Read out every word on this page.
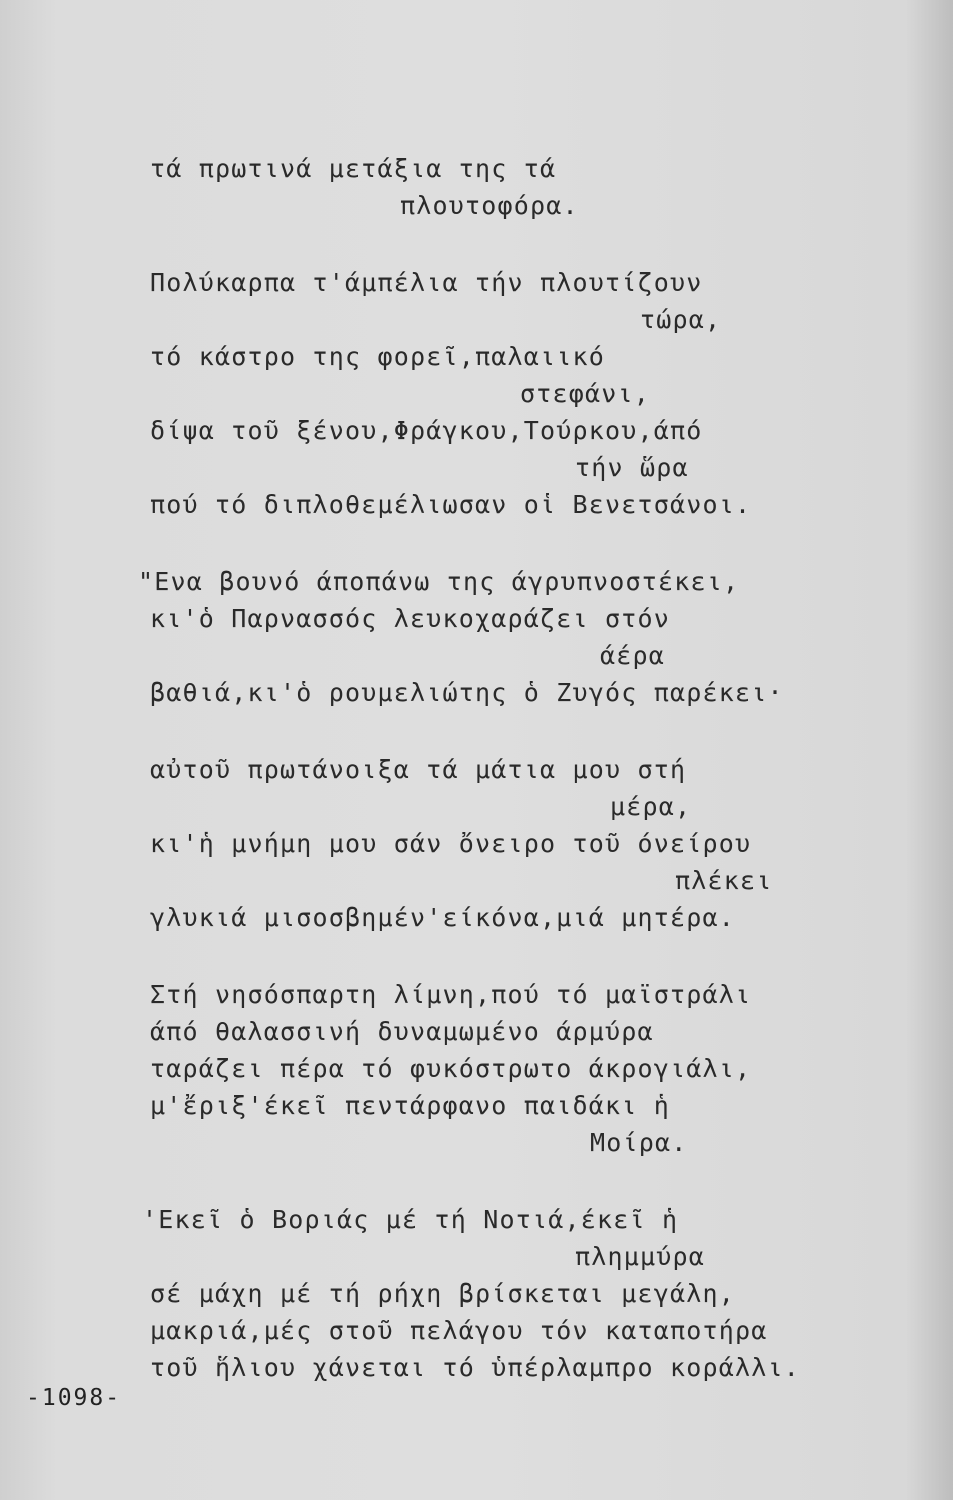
τά πρωτινά μετάξια της τά
πλουτοφόρα.
Πολύκαρπα τ'άμπέλια τήν πλουτίζουν
τώρα,
τό κάστρο της φορεῖ,παλαιικό
στεφάνι,
δίψα τοῦ ξένου,Φράγκου,Τούρκου,άπό
τήν ὥρα
πού τό διπλοθεμέλιωσαν οἱ Βενετσάνοι.
"Ενα βουνό άποπάνω της άγρυπνοστέκει,
κι'ὁ Παρνασσός λευκοχαράζει στόν
άέρα
βαθιά,κι'ὁ ρουμελιώτης ὁ Ζυγός παρέκει·
αὐτοῦ πρωτάνοιξα τά μάτια μου στή
μέρα,
κι'ἡ μνήμη μου σάν ὄνειρο τοῦ όνείρου
πλέκει
γλυκιά μισοσβημέν'είκόνα,μιά μητέρα.
Στή νησόσπαρτη λίμνη,πού τό μαϊστράλι
άπό θαλασσινή δυναμωμένο άρμύρα
ταράζει πέρα τό φυκόστρωτο άκρογιάλι,
μ'ἔριξ'έκεῖ πεντάρφανο παιδάκι ἡ
Μοίρα.
'Εκεῖ ὁ Βοριάς μέ τή Νοτιά,έκεῖ ἡ
πλημμύρα
σέ μάχη μέ τή ρήχη βρίσκεται μεγάλη,
μακριά,μές στοῦ πελάγου τόν καταποτήρα
τοῦ ἥλιου χάνεται τό ὑπέρλαμπρο κοράλλι.
-1098-
